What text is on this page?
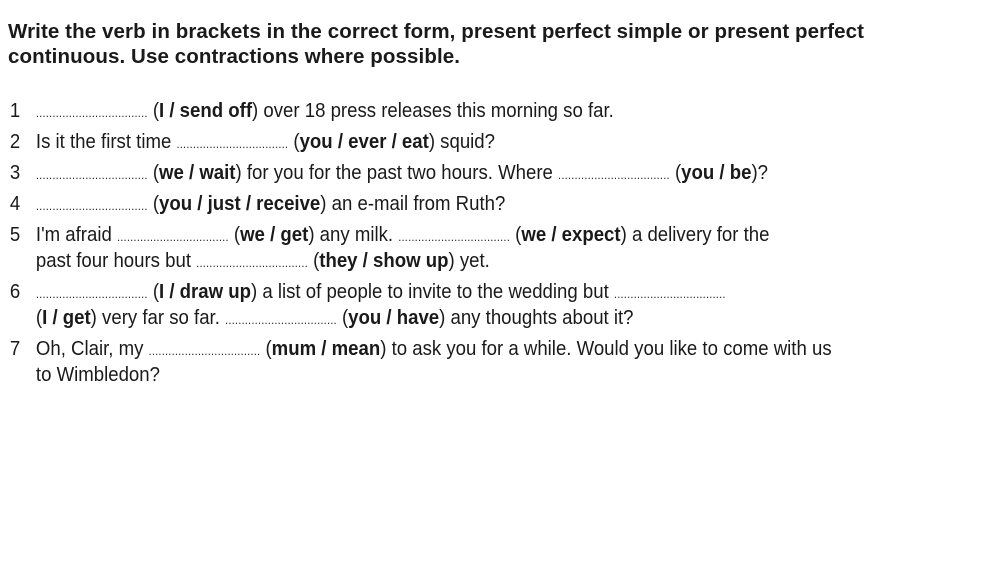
Write the verb in brackets in the correct form, present perfect simple or present perfect continuous. Use contractions where possible.

1	.................................. (I / send off) over 18 press releases this morning so far.
2 Is it the first time .................................. (you / ever / eat) squid?
3	.................................. (we / wait) for you for the past two hours. Where .................................. (you / be)?
4	.................................. (you / just / receive) an e-mail from Ruth?
5 I'm afraid .................................. (we / get) any milk. .................................. (we / expect) a delivery for the
past four hours but .................................. (they / show up) yet.
6	.................................. (I / draw up) a list of people to invite to the wedding but ..................................
(I / get) very far so far. .................................. (you / have) any thoughts about it?
7 Oh, Clair, my .................................. (mum / mean) to ask you for a while. Would you like to come with us
to Wimbledon?
